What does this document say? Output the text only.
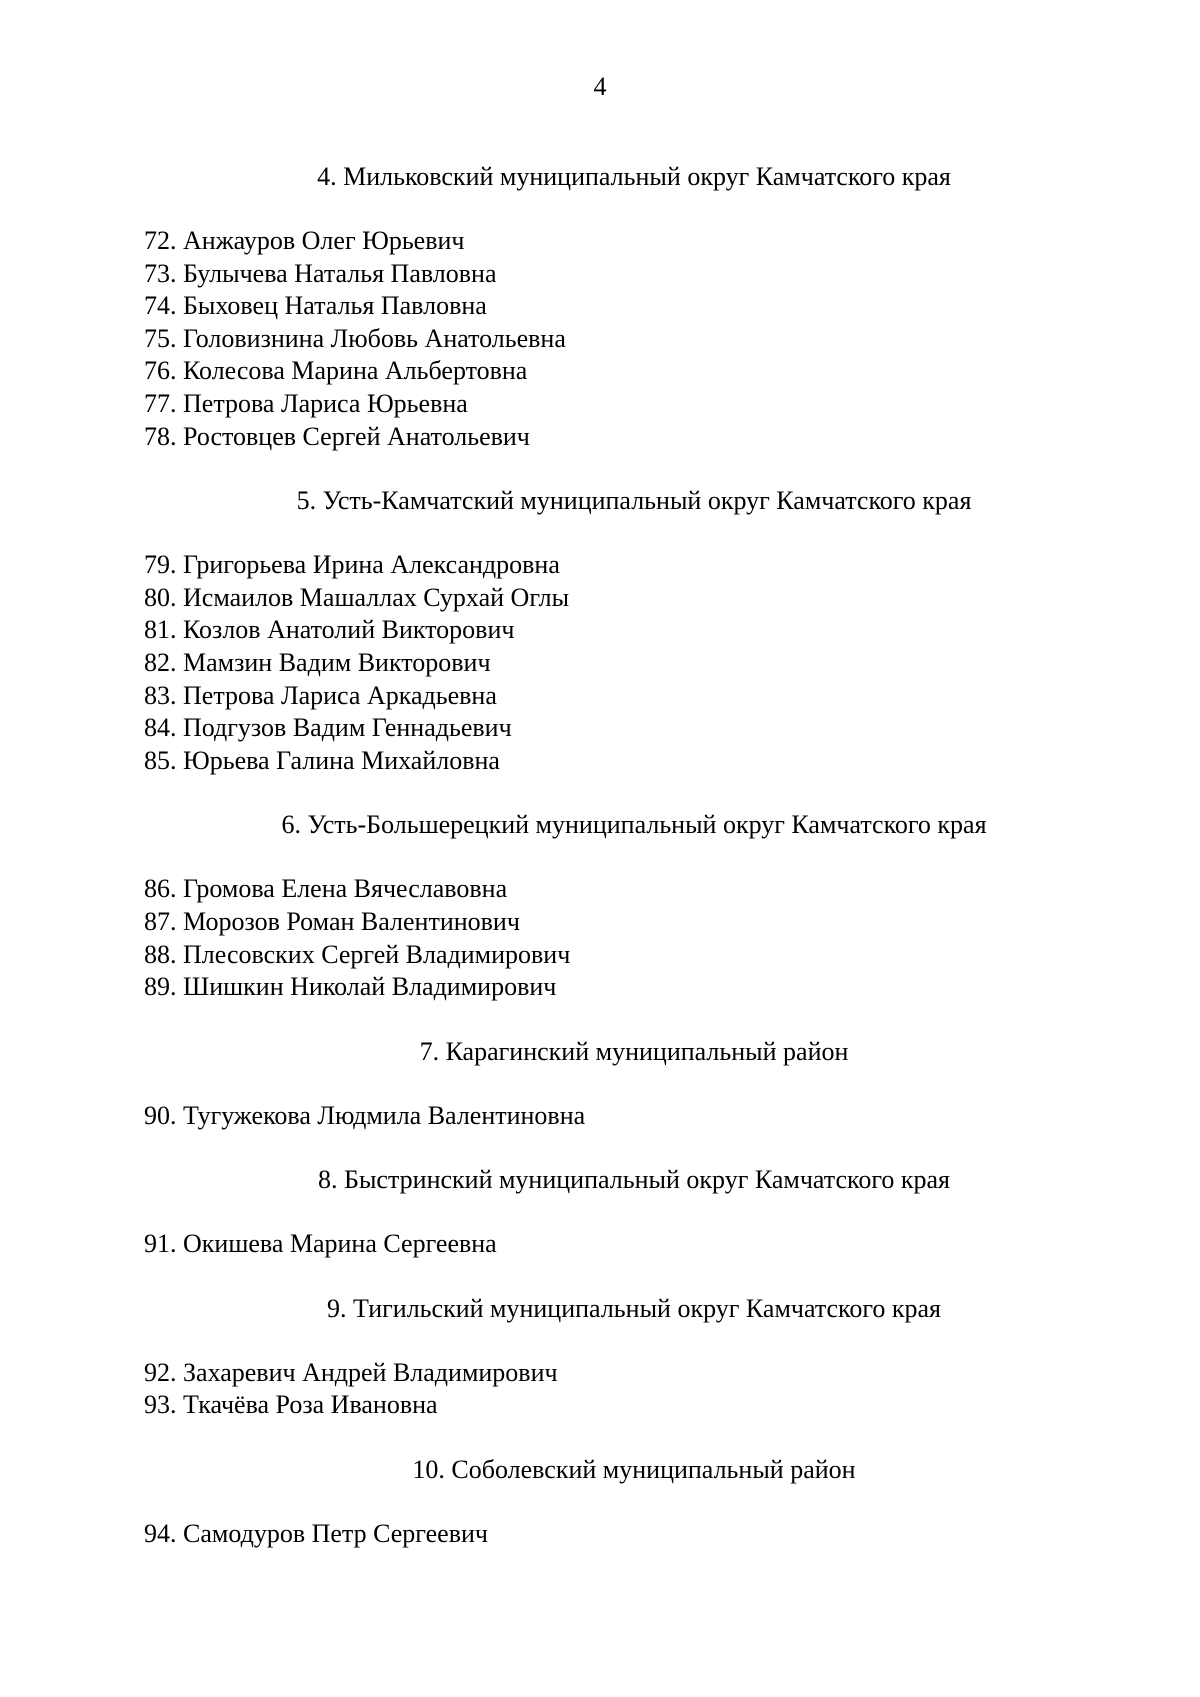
4
4. Мильковский муниципальный округ Камчатского края
72. Анжауров Олег Юрьевич
73. Булычева Наталья Павловна
74. Быховец Наталья Павловна
75. Головизнина Любовь Анатольевна
76. Колесова Марина Альбертовна
77. Петрова Лариса Юрьевна
78. Ростовцев Сергей Анатольевич
5. Усть-Камчатский муниципальный округ Камчатского края
79. Григорьева Ирина Александровна
80. Исмаилов Машаллах Сурхай Оглы
81. Козлов Анатолий Викторович
82. Мамзин Вадим Викторович
83. Петрова Лариса Аркадьевна
84. Подгузов Вадим Геннадьевич
85. Юрьева Галина Михайловна
6. Усть-Большерецкий муниципальный округ Камчатского края
86. Громова Елена Вячеславовна
87. Морозов Роман Валентинович
88. Плесовских Сергей Владимирович
89. Шишкин Николай Владимирович
7. Карагинский муниципальный район
90. Тугужекова Людмила Валентиновна
8. Быстринский муниципальный округ Камчатского края
91. Окишева Марина Сергеевна
9. Тигильский муниципальный округ Камчатского края
92. Захаревич Андрей Владимирович
93. Ткачёва Роза Ивановна
10. Соболевский муниципальный район
94. Самодуров Петр Сергеевич
